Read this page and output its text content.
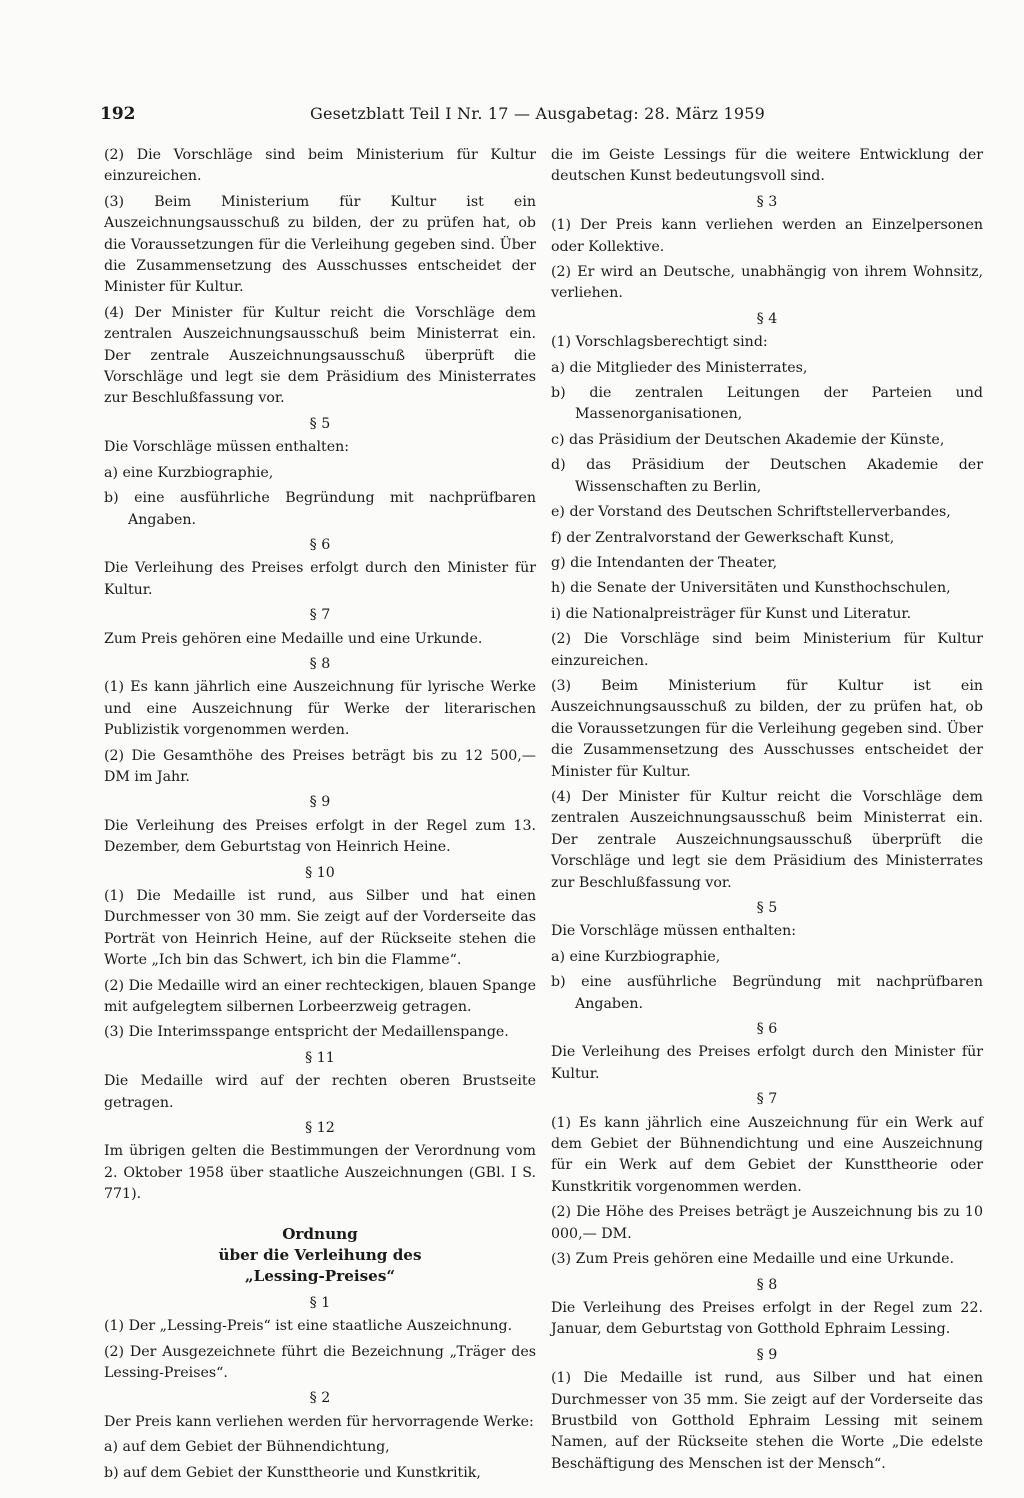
192	Gesetzblatt Teil I Nr. 17 — Ausgabetag: 28. März 1959
(2) Die Vorschläge sind beim Ministerium für Kultur einzureichen.
(3) Beim Ministerium für Kultur ist ein Auszeichnungsausschuß zu bilden, der zu prüfen hat, ob die Voraussetzungen für die Verleihung gegeben sind. Über die Zusammensetzung des Ausschusses entscheidet der Minister für Kultur.
(4) Der Minister für Kultur reicht die Vorschläge dem zentralen Auszeichnungsausschuß beim Ministerrat ein. Der zentrale Auszeichnungsausschuß überprüft die Vorschläge und legt sie dem Präsidium des Ministerrates zur Beschlußfassung vor.
§ 5
Die Vorschläge müssen enthalten:
a) eine Kurzbiographie,
b) eine ausführliche Begründung mit nachprüfbaren Angaben.
§ 6
Die Verleihung des Preises erfolgt durch den Minister für Kultur.
§ 7
Zum Preis gehören eine Medaille und eine Urkunde.
§ 8
(1) Es kann jährlich eine Auszeichnung für lyrische Werke und eine Auszeichnung für Werke der literarischen Publizistik vorgenommen werden.
(2) Die Gesamthöhe des Preises beträgt bis zu 12 500,— DM im Jahr.
§ 9
Die Verleihung des Preises erfolgt in der Regel zum 13. Dezember, dem Geburtstag von Heinrich Heine.
§ 10
(1) Die Medaille ist rund, aus Silber und hat einen Durchmesser von 30 mm. Sie zeigt auf der Vorderseite das Porträt von Heinrich Heine, auf der Rückseite stehen die Worte „Ich bin das Schwert, ich bin die Flamme“.
(2) Die Medaille wird an einer rechteckigen, blauen Spange mit aufgelegtem silbernen Lorbeerzweig getragen.
(3) Die Interimsspange entspricht der Medaillenspange.
§ 11
Die Medaille wird auf der rechten oberen Brustseite getragen.
§ 12
Im übrigen gelten die Bestimmungen der Verordnung vom 2. Oktober 1958 über staatliche Auszeichnungen (GBl. I S. 771).
Ordnung
über die Verleihung des
„Lessing-Preises“
§ 1
(1) Der „Lessing-Preis“ ist eine staatliche Auszeichnung.
(2) Der Ausgezeichnete führt die Bezeichnung „Träger des Lessing-Preises“.
§ 2
Der Preis kann verliehen werden für hervorragende Werke:
a) auf dem Gebiet der Bühnendichtung,
b) auf dem Gebiet der Kunsttheorie und Kunstkritik,
die im Geiste Lessings für die weitere Entwicklung der deutschen Kunst bedeutungsvoll sind.
§ 3
(1) Der Preis kann verliehen werden an Einzelpersonen oder Kollektive.
(2) Er wird an Deutsche, unabhängig von ihrem Wohnsitz, verliehen.
§ 4
(1) Vorschlagsberechtigt sind:
a) die Mitglieder des Ministerrates,
b) die zentralen Leitungen der Parteien und Massenorganisationen,
c) das Präsidium der Deutschen Akademie der Künste,
d) das Präsidium der Deutschen Akademie der Wissenschaften zu Berlin,
e) der Vorstand des Deutschen Schriftstellerverbandes,
f) der Zentralvorstand der Gewerkschaft Kunst,
g) die Intendanten der Theater,
h) die Senate der Universitäten und Kunsthochschulen,
i) die Nationalpreisträger für Kunst und Literatur.
(2) Die Vorschläge sind beim Ministerium für Kultur einzureichen.
(3) Beim Ministerium für Kultur ist ein Auszeichnungsausschuß zu bilden, der zu prüfen hat, ob die Voraussetzungen für die Verleihung gegeben sind. Über die Zusammensetzung des Ausschusses entscheidet der Minister für Kultur.
(4) Der Minister für Kultur reicht die Vorschläge dem zentralen Auszeichnungsausschuß beim Ministerrat ein. Der zentrale Auszeichnungsausschuß überprüft die Vorschläge und legt sie dem Präsidium des Ministerrates zur Beschlußfassung vor.
§ 5
Die Vorschläge müssen enthalten:
a) eine Kurzbiographie,
b) eine ausführliche Begründung mit nachprüfbaren Angaben.
§ 6
Die Verleihung des Preises erfolgt durch den Minister für Kultur.
§ 7
(1) Es kann jährlich eine Auszeichnung für ein Werk auf dem Gebiet der Bühnendichtung und eine Auszeichnung für ein Werk auf dem Gebiet der Kunsttheorie oder Kunstkritik vorgenommen werden.
(2) Die Höhe des Preises beträgt je Auszeichnung bis zu 10 000,— DM.
(3) Zum Preis gehören eine Medaille und eine Urkunde.
§ 8
Die Verleihung des Preises erfolgt in der Regel zum 22. Januar, dem Geburtstag von Gotthold Ephraim Lessing.
§ 9
(1) Die Medaille ist rund, aus Silber und hat einen Durchmesser von 35 mm. Sie zeigt auf der Vorderseite das Brustbild von Gotthold Ephraim Lessing mit seinem Namen, auf der Rückseite stehen die Worte „Die edelste Beschäftigung des Menschen ist der Mensch“.
